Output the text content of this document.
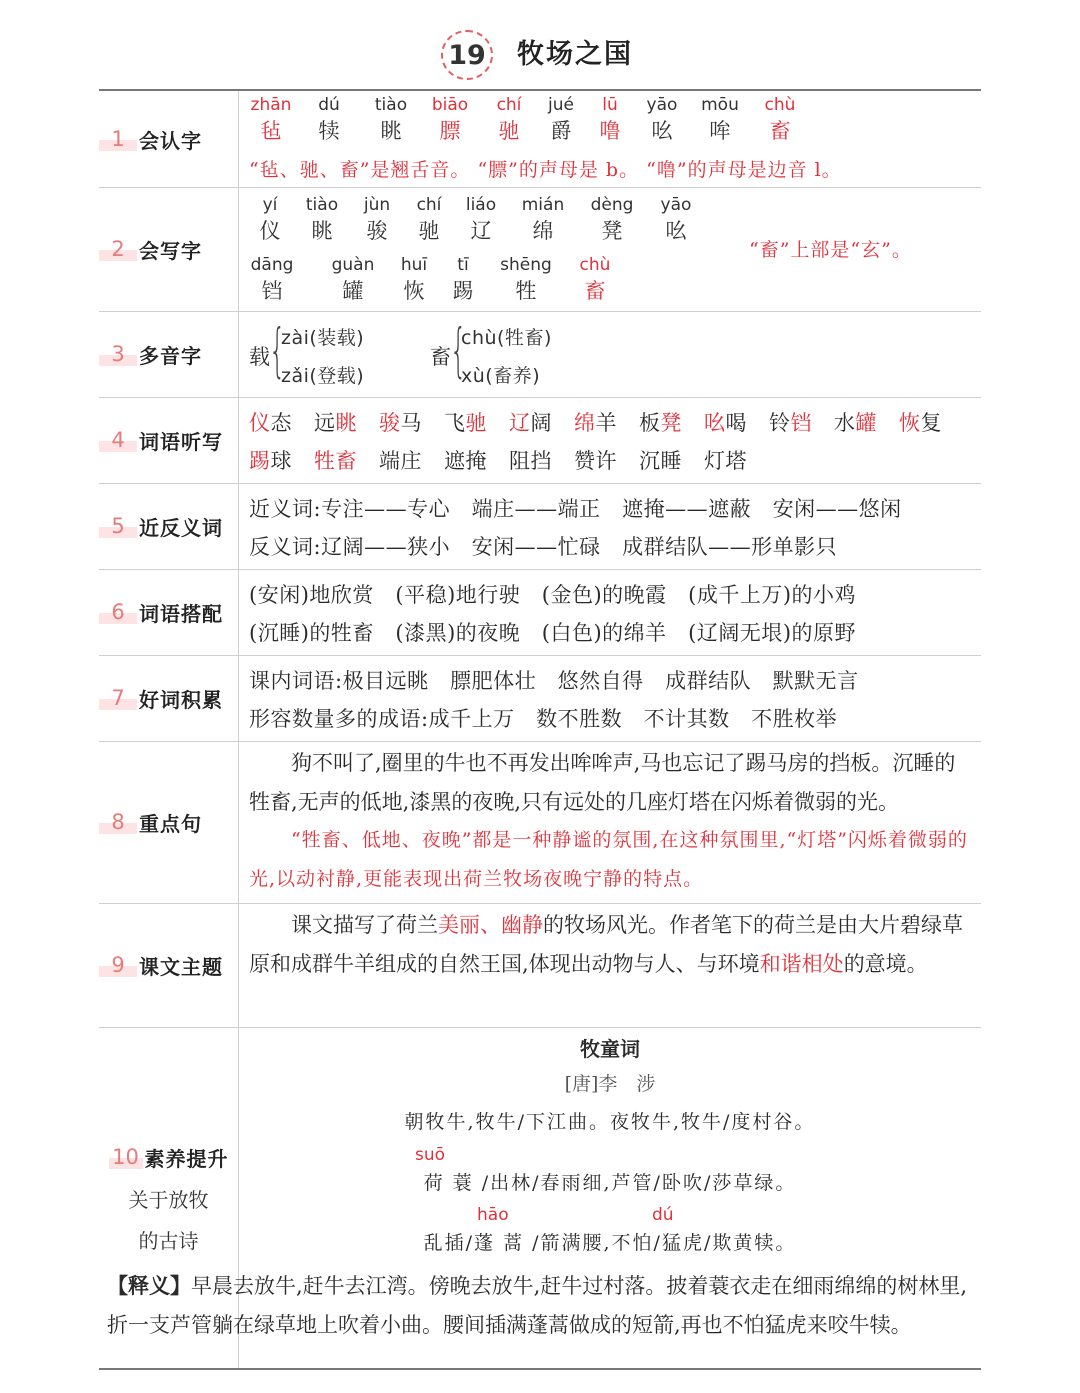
19 牧场之国
1 会认字
zhān
毡
dú
犊
tiào
眺
biāo
膘
chí
驰
jué
爵
lū
噜
yāo
吆
mōu
哞
chù
畜
“毡、驰、畜”是翘舌音。 “膘”的声母是 b。 “噜”的声母是边音 l。
2 会写字
yí
仪
tiào
眺
jùn
骏
chí
驰
liáo
辽
mián
绵
dèng
凳
yāo
吆
dāng
铛
guàn
罐
huī
恢
tī
踢
shēng
牲
chù
畜
“畜”上部是“玄”。
3 多音字 载
{
zài(装载)
zǎi(登载)
畜
{
chù(牲畜)
xù(畜养)
4 词语听写
仪态 远眺 骏马 飞驰 辽阔 绵羊 板凳 吆喝 铃铛 水罐 恢复
踢球 牲畜 端庄 遮掩 阻挡 赞许 沉睡 灯塔
5 近反义词
近义词:专注——专心　端庄——端正　遮掩——遮蔽　安闲——悠闲
反义词:辽阔——狭小　安闲——忙碌　成群结队——形单影只
6 词语搭配
(安闲)地欣赏　(平稳)地行驶　(金色)的晚霞　(成千上万)的小鸡
(沉睡)的牲畜　(漆黑)的夜晚　(白色)的绵羊　(辽阔无垠)的原野
7 好词积累
课内词语:极目远眺　膘肥体壮　悠然自得　成群结队　默默无言
形容数量多的成语:成千上万　数不胜数　不计其数　不胜枚举
8 重点句
狗不叫了,圈里的牛也不再发出哞哞声,马也忘记了踢马房的挡板。沉睡的牲畜,无声的低地,漆黑的夜晚,只有远处的几座灯塔在闪烁着微弱的光。
“牲畜、低地、夜晚”都是一种静谧的氛围,在这种氛围里,“灯塔”闪烁着微弱的光,以动衬静,更能表现出荷兰牧场夜晚宁静的特点。
9 课文主题
课文描写了荷兰美丽、幽静的牧场风光。作者笔下的荷兰是由大片碧绿草原和成群牛羊组成的自然王国,体现出动物与人、与环境和谐相处的意境。
10 素养提升
关于放牧
的古诗
牧童词
[唐]李　涉
朝牧牛,牧牛/下江曲。夜牧牛,牧牛/度村谷。
suō
荷 蓑 /出林/春雨细,芦管/卧吹/莎草绿。
hāo	dú
乱插/蓬 蒿 /箭满腰,不怕/猛虎/欺黄犊。
【释义】早晨去放牛,赶牛去江湾。傍晚去放牛,赶牛过村落。披着蓑衣走在细雨绵绵的树林里,折一支芦管躺在绿草地上吹着小曲。腰间插满蓬蒿做成的短箭,再也不怕猛虎来咬牛犊。
